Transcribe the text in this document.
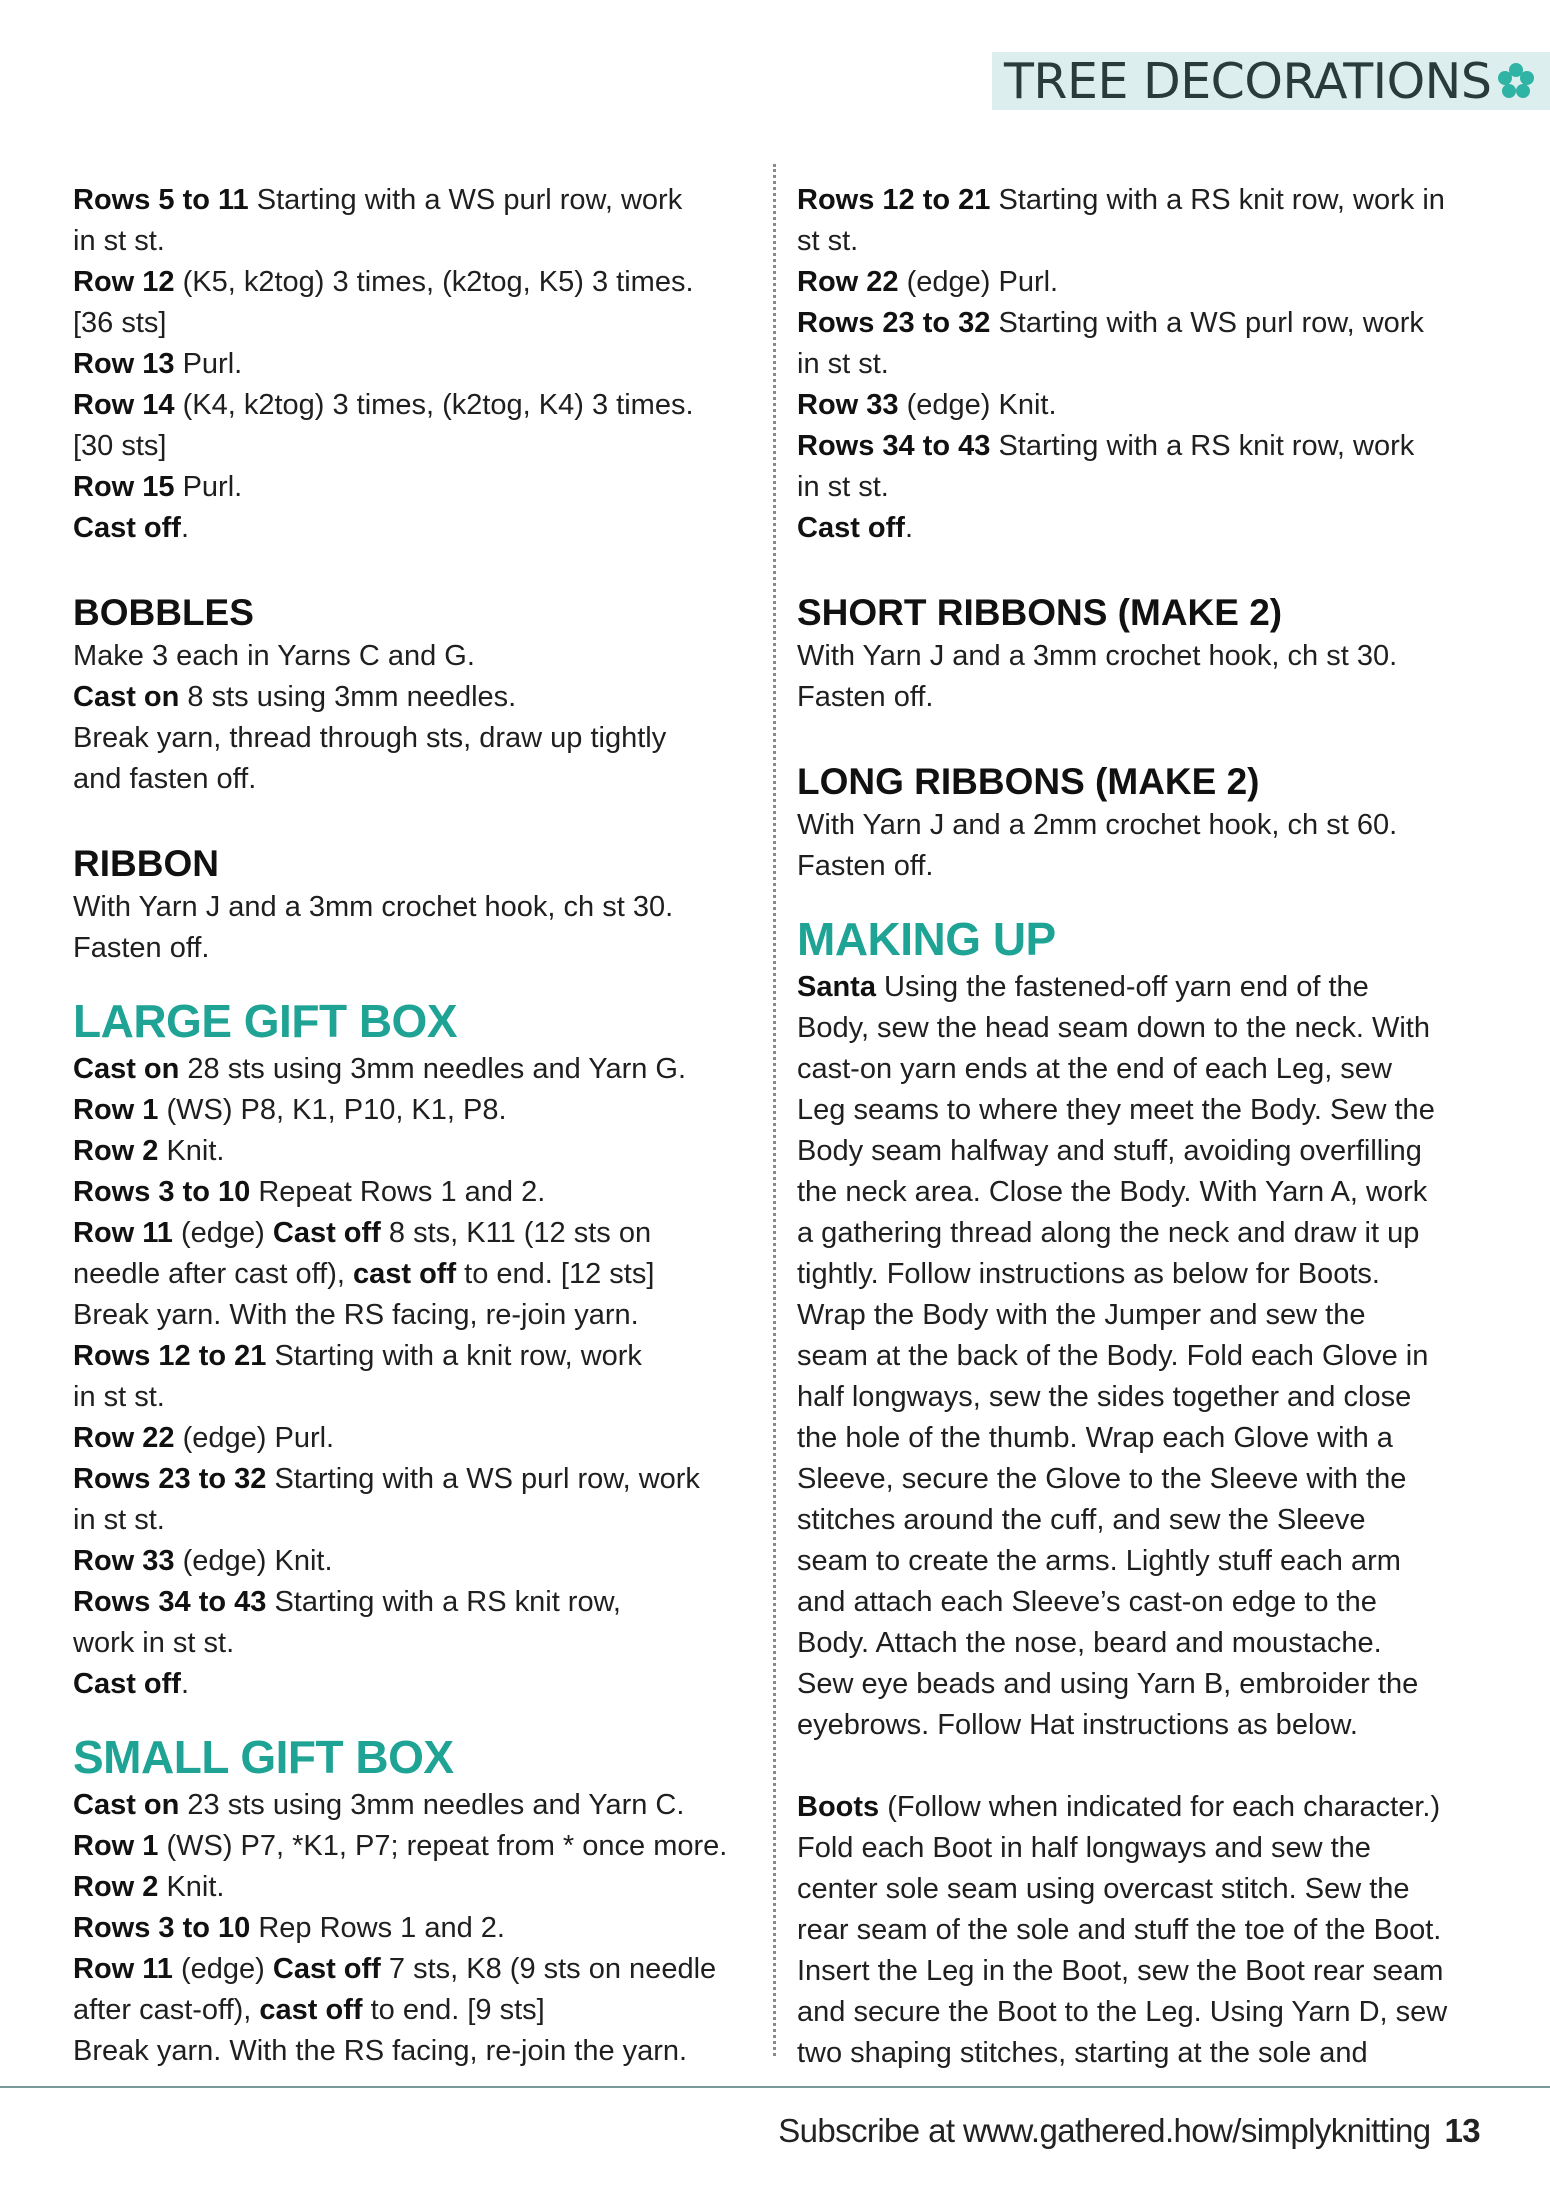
TREE DECORATIONS
Rows 5 to 11 Starting with a WS purl row, work
in st st.
Row 12 (K5, k2tog) 3 times, (k2tog, K5) 3 times.
[36 sts]
Row 13 Purl.
Row 14 (K4, k2tog) 3 times, (k2tog, K4) 3 times.
[30 sts]
Row 15 Purl.
Cast off.
BOBBLES
Make 3 each in Yarns C and G.
Cast on 8 sts using 3mm needles.
Break yarn, thread through sts, draw up tightly
and fasten off.
RIBBON
With Yarn J and a 3mm crochet hook, ch st 30.
Fasten off.
LARGE GIFT BOX
Cast on 28 sts using 3mm needles and Yarn G.
Row 1 (WS) P8, K1, P10, K1, P8.
Row 2 Knit.
Rows 3 to 10 Repeat Rows 1 and 2.
Row 11 (edge) Cast off 8 sts, K11 (12 sts on
needle after cast off), cast off to end. [12 sts]
Break yarn. With the RS facing, re-join yarn.
Rows 12 to 21 Starting with a knit row, work
in st st.
Row 22 (edge) Purl.
Rows 23 to 32 Starting with a WS purl row, work
in st st.
Row 33 (edge) Knit.
Rows 34 to 43 Starting with a RS knit row,
work in st st.
Cast off.
SMALL GIFT BOX
Cast on 23 sts using 3mm needles and Yarn C.
Row 1 (WS) P7, *K1, P7; repeat from * once more.
Row 2 Knit.
Rows 3 to 10 Rep Rows 1 and 2.
Row 11 (edge) Cast off 7 sts, K8 (9 sts on needle
after cast-off), cast off to end. [9 sts]
Break yarn. With the RS facing, re-join the yarn.
Rows 12 to 21 Starting with a RS knit row, work in
st st.
Row 22 (edge) Purl.
Rows 23 to 32 Starting with a WS purl row, work
in st st.
Row 33 (edge) Knit.
Rows 34 to 43 Starting with a RS knit row, work
in st st.
Cast off.
SHORT RIBBONS (MAKE 2)
With Yarn J and a 3mm crochet hook, ch st 30.
Fasten off.
LONG RIBBONS (MAKE 2)
With Yarn J and a 2mm crochet hook, ch st 60.
Fasten off.
MAKING UP
Santa Using the fastened-off yarn end of the
Body, sew the head seam down to the neck. With
cast-on yarn ends at the end of each Leg, sew
Leg seams to where they meet the Body. Sew the
Body seam halfway and stuff, avoiding overfilling
the neck area. Close the Body. With Yarn A, work
a gathering thread along the neck and draw it up
tightly. Follow instructions as below for Boots.
Wrap the Body with the Jumper and sew the
seam at the back of the Body. Fold each Glove in
half longways, sew the sides together and close
the hole of the thumb. Wrap each Glove with a
Sleeve, secure the Glove to the Sleeve with the
stitches around the cuff, and sew the Sleeve
seam to create the arms. Lightly stuff each arm
and attach each Sleeve’s cast-on edge to the
Body. Attach the nose, beard and moustache.
Sew eye beads and using Yarn B, embroider the
eyebrows. Follow Hat instructions as below.
Boots (Follow when indicated for each character.)
Fold each Boot in half longways and sew the
center sole seam using overcast stitch. Sew the
rear seam of the sole and stuff the toe of the Boot.
Insert the Leg in the Boot, sew the Boot rear seam
and secure the Boot to the Leg. Using Yarn D, sew
two shaping stitches, starting at the sole and
Subscribe at www.gathered.how/simplyknitting 13
